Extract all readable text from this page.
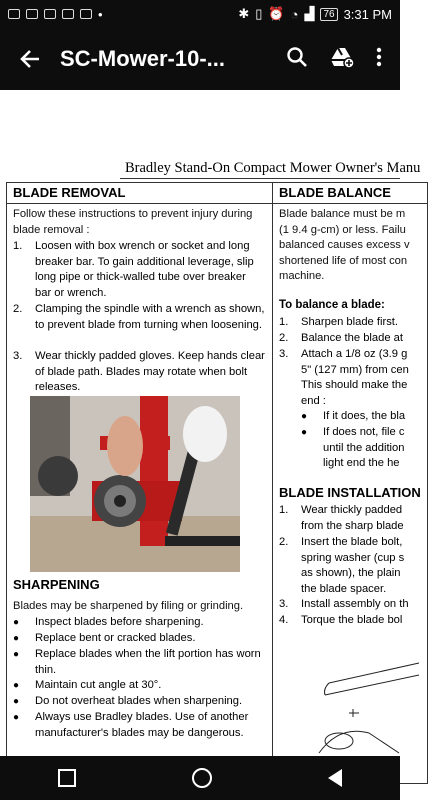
•	✱ ▯ ⏰ ◔ ▟ 76 3:31 PM
SC-Mower-10-...
Bradley Stand-On Compact Mower Owner's Manu
BLADE REMOVAL
Follow these instructions to prevent injury during blade removal :
1.	Loosen with box wrench or socket and long breaker bar. To gain additional leverage, slip long pipe or thick-walled tube over breaker bar or wrench.
2.	Clamping the spindle with a wrench as shown, to prevent blade from turning when loosening.
3.	Wear thickly padded gloves. Keep hands clear of blade path. Blades may rotate when bolt releases.
SHARPENING
Blades may be sharpened by filing or grinding.
●	Inspect blades before sharpening.
●	Replace bent or cracked blades.
●	Replace blades when the lift portion has worn thin.
●	Maintain cut angle at 30°.
●	Do not overheat blades when sharpening.
●	Always use Bradley blades. Use of another manufacturer's blades may be dangerous.
BLADE BALANCE
Blade balance must be m
(1 9.4 g-cm) or less. Failu
balanced causes excess v
shortened life of most con
machine.
To balance a blade:
1.	Sharpen blade first.
2.	Balance the blade at
3.	Attach a 1/8 oz (3.9 g
5" (127 mm) from cen
This should make the
end :
●	If it does, the bla
●	If does not, file c
until the addition
light end the he
BLADE INSTALLATION
1.	Wear thickly padded
from the sharp blade
2.	Insert the blade bolt,
spring washer (cup s
as shown), the plain
the blade spacer.
3.	Install assembly on th
4.	Torque the blade bol
